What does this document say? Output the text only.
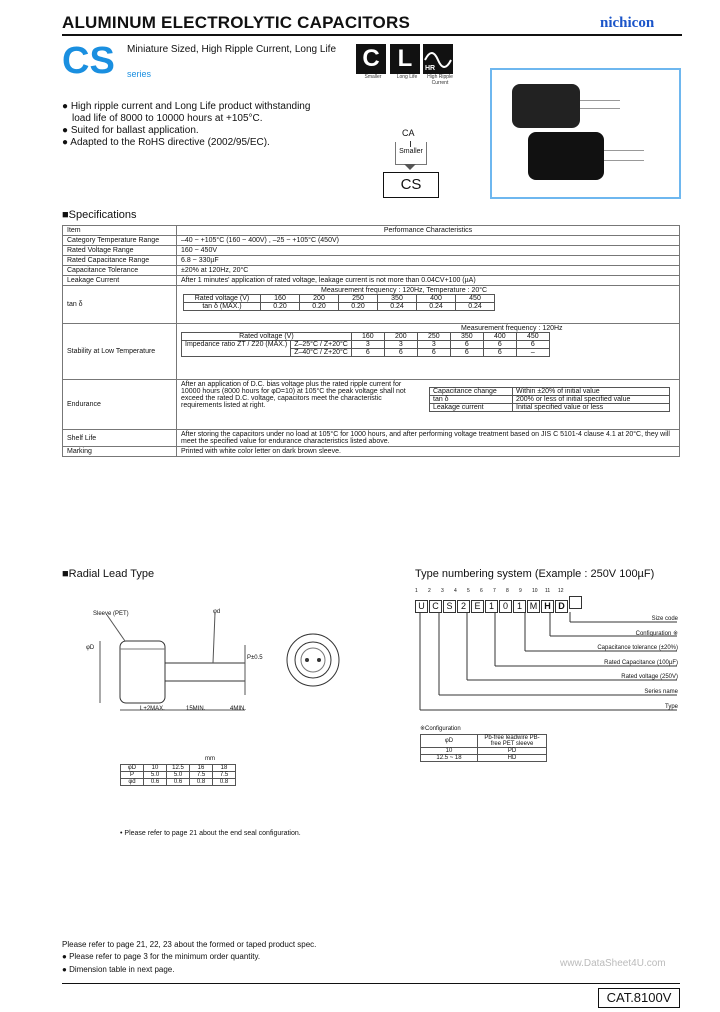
ALUMINUM ELECTROLYTIC CAPACITORS	nichicon
CS series
Miniature Sized, High Ripple Current, Long Life C
Smaller
L
Long Life
HR
High Ripple Current
● High ripple current and Long Life product withstanding
load life of 8000 to 10000 hours at +105°C.
● Suited for ballast application.
● Adapted to the RoHS directive (2002/95/EC).
CA
Smaller
CS
■Specifications
Item	Performance Characteristics
Category Temperature Range	–40 ~ +105°C (160 ~ 400V) , –25 ~ +105°C (450V)
Rated Voltage Range	160 ~ 450V
Rated Capacitance Range	6.8 ~ 330µF
Capacitance Tolerance	±20% at 120Hz, 20°C
Leakage Current	After 1 minutes' application of rated voltage, leakage current is not more than 0.04CV+100 (µA)
tan δ	
Measurement frequency : 120Hz, Temperature : 20°C
Rated voltage (V)	160	200	250	350	400	450
tan δ (MAX.)	0.20	0.20	0.20	0.24	0.24	0.24

Stability at Low Temperature	
Measurement frequency : 120Hz
Rated voltage (V)	160	200	250	350	400	450
Impedance ratio ZT / Z20 (MAX.)	Z–25°C / Z+20°C	3	3	3	6	6	6
Z–40°C / Z+20°C	6	6	6	6	6	–

Endurance	
After an application of D.C. bias voltage plus the rated ripple current for 10000 hours (8000 hours for φD=10) at 105°C the peak voltage shall not exceed the rated D.C. voltage, capacitors meet the characteristic requirements listed at right.
Capacitance change	Within ±20% of initial value
tan δ	200% or less of initial specified value
Leakage current	Initial specified value or less

Shelf Life	After storing the capacitors under no load at 105°C for 1000 hours, and after performing voltage treatment based on JIS C 5101-4 clause 4.1 at 20°C, they will meet the specified value for endurance characteristics listed above.
Marking	Printed with white color letter on dark brown sleeve.
■Radial Lead Type
Sleeve (PET)	φd
φD
L+2MAX.	15MIN.	4MIN.
P±0.5
mm
φD	10	12.5	16	18
P	5.0	5.0	7.5	7.5
φd	0.6	0.6	0.8	0.8
• Please refer to page 21 about the end seal configuration.
Type numbering system (Example : 250V 100µF)
1 2 3 4 5 6 7 8 9 10 11 12
U C S 2 E 1 0 1 M H D
Size code
Configuration ※
Capacitance tolerance (±20%)
Rated Capacitance (100µF)
Rated voltage (250V)
Series name
Type
※Configuration
φD	Pb-free leadwire PB-free PET sleeve
10	PD
12.5 ~ 18	HD
Please refer to page 21, 22, 23 about the formed or taped product spec.
● Please refer to page 3 for the minimum order quantity.
● Dimension table in next page.
www.DataSheet4U.com
CAT.8100V
